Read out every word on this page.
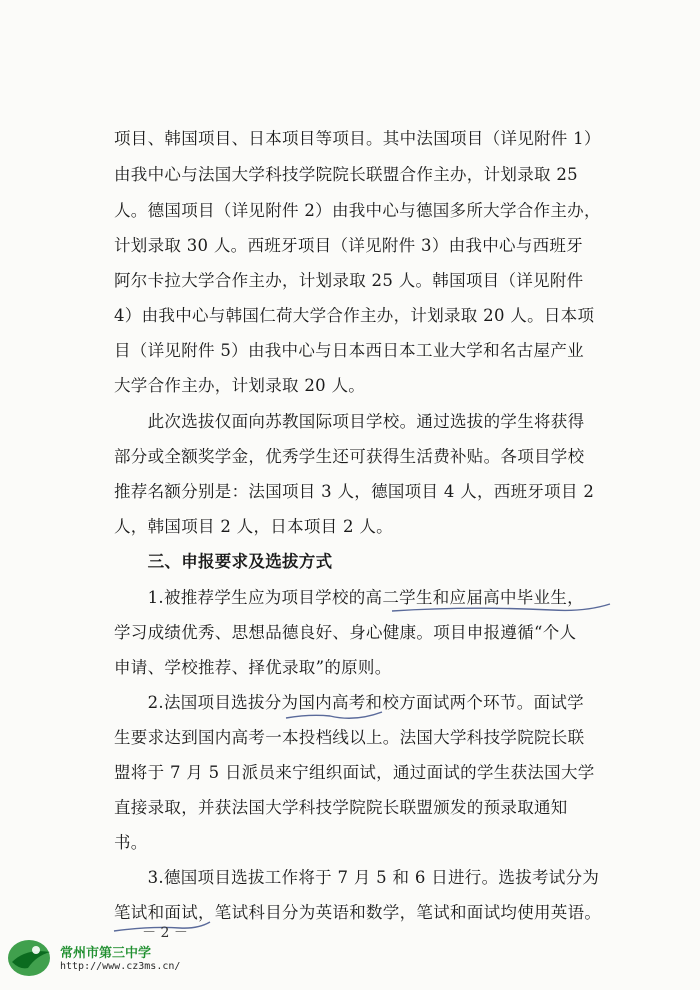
项目、韩国项目、日本项目等项目。其中法国项目（详见附件 1）
由我中心与法国大学科技学院院长联盟合作主办，计划录取 25
人。德国项目（详见附件 2）由我中心与德国多所大学合作主办，
计划录取 30 人。西班牙项目（详见附件 3）由我中心与西班牙
阿尔卡拉大学合作主办，计划录取 25 人。韩国项目（详见附件
4）由我中心与韩国仁荷大学合作主办，计划录取 20 人。日本项
目（详见附件 5）由我中心与日本西日本工业大学和名古屋产业
大学合作主办，计划录取 20 人。
　　此次选拔仅面向苏教国际项目学校。通过选拔的学生将获得
部分或全额奖学金，优秀学生还可获得生活费补贴。各项目学校
推荐名额分别是：法国项目 3 人，德国项目 4 人，西班牙项目 2
人，韩国项目 2 人，日本项目 2 人。
　　三、申报要求及选拔方式
　　1.被推荐学生应为项目学校的高二学生和应届高中毕业生，
学习成绩优秀、思想品德良好、身心健康。项目申报遵循“个人
申请、学校推荐、择优录取”的原则。
　　2.法国项目选拔分为国内高考和校方面试两个环节。面试学
生要求达到国内高考一本投档线以上。法国大学科技学院院长联
盟将于 7 月 5 日派员来宁组织面试，通过面试的学生获法国大学
直接录取，并获法国大学科技学院院长联盟颁发的预录取通知
书。
　　3.德国项目选拔工作将于 7 月 5 和 6 日进行。选拔考试分为
笔试和面试，笔试科目分为英语和数学，笔试和面试均使用英语。
－ 2 －
常州市第三中学
http://www.cz3ms.cn/
